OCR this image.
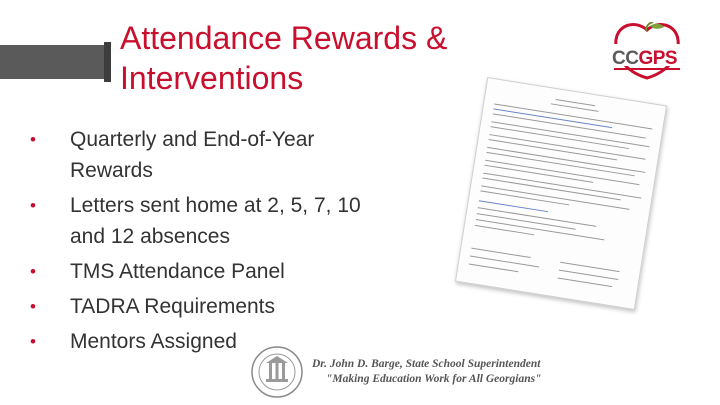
Attendance Rewards &
Interventions
CCGPS
• Quarterly and End-of-Year Rewards
• Letters sent home at 2, 5, 7, 10 and 12 absences
• TMS Attendance Panel
• TADRA Requirements
• Mentors Assigned
Dr. John D. Barge, State School Superintendent
"Making Education Work for All Georgians"
